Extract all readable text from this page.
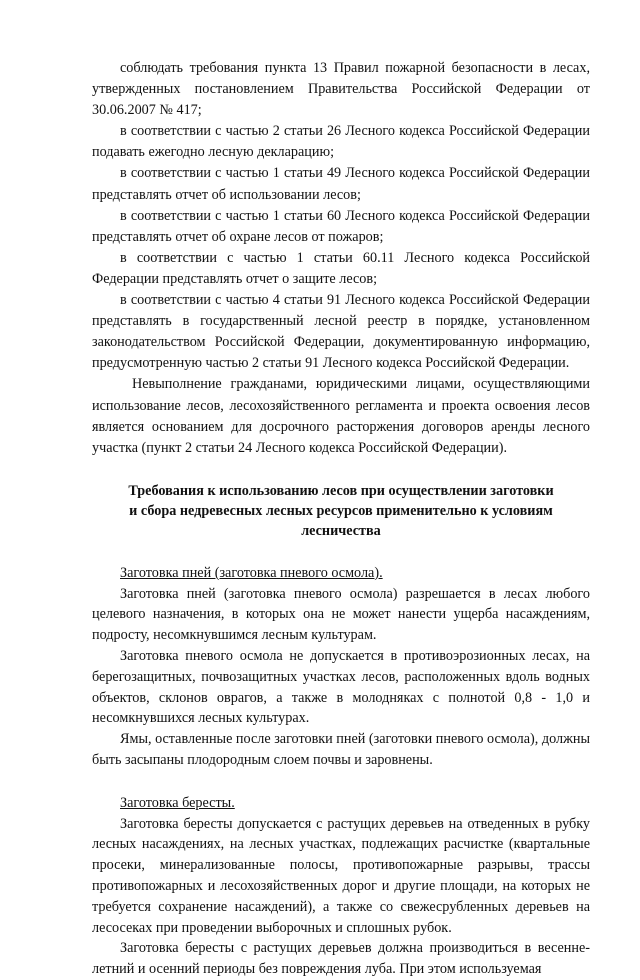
соблюдать требования пункта 13 Правил пожарной безопасности в лесах, утвержденных постановлением Правительства Российской Федерации от 30.06.2007 № 417;

в соответствии с частью 2 статьи 26 Лесного кодекса Российской Федерации подавать ежегодно лесную декларацию;

в соответствии с частью 1 статьи 49 Лесного кодекса Российской Федерации представлять отчет об использовании лесов;

в соответствии с частью 1 статьи 60 Лесного кодекса Российской Федерации представлять отчет об охране лесов от пожаров;

в соответствии с частью 1 статьи 60.11 Лесного кодекса Российской Федерации представлять отчет о защите лесов;

в соответствии с частью 4 статьи 91 Лесного кодекса Российской Федерации представлять в государственный лесной реестр в порядке, установленном законодательством Российской Федерации, документированную информацию, предусмотренную частью 2 статьи 91 Лесного кодекса Российской Федерации.

Невыполнение гражданами, юридическими лицами, осуществляющими использование лесов, лесохозяйственного регламента и проекта освоения лесов является основанием для досрочного расторжения договоров аренды лесного участка (пункт 2 статьи 24 Лесного кодекса Российской Федерации).

Требования к использованию лесов при осуществлении заготовки
и сбора недревесных лесных ресурсов применительно к условиям лесничества

Заготовка пней (заготовка пневого осмола).

Заготовка пней (заготовка пневого осмола) разрешается в лесах любого целевого назначения, в которых она не может нанести ущерба насаждениям, подросту, несомкнувшимся лесным культурам.

Заготовка пневого осмола не допускается в противоэрозионных лесах, на берегозащитных, почвозащитных участках лесов, расположенных вдоль водных объектов, склонов оврагов, а также в молодняках с полнотой 0,8 - 1,0 и несомкнувшихся лесных культурах.

Ямы, оставленные после заготовки пней (заготовки пневого осмола), должны быть засыпаны плодородным слоем почвы и заровнены.

Заготовка бересты.

Заготовка бересты допускается с растущих деревьев на отведенных в рубку лесных насаждениях, на лесных участках, подлежащих расчистке (квартальные просеки, минерализованные полосы, противопожарные разрывы, трассы противопожарных и лесохозяйственных дорог и другие площади, на которых не требуется сохранение насаждений), а также со свежесрубленных деревьев на лесосеках при проведении выборочных и сплошных рубок.

Заготовка бересты с растущих деревьев должна производиться в весенне-летний и осенний периоды без повреждения луба. При этом используемая
